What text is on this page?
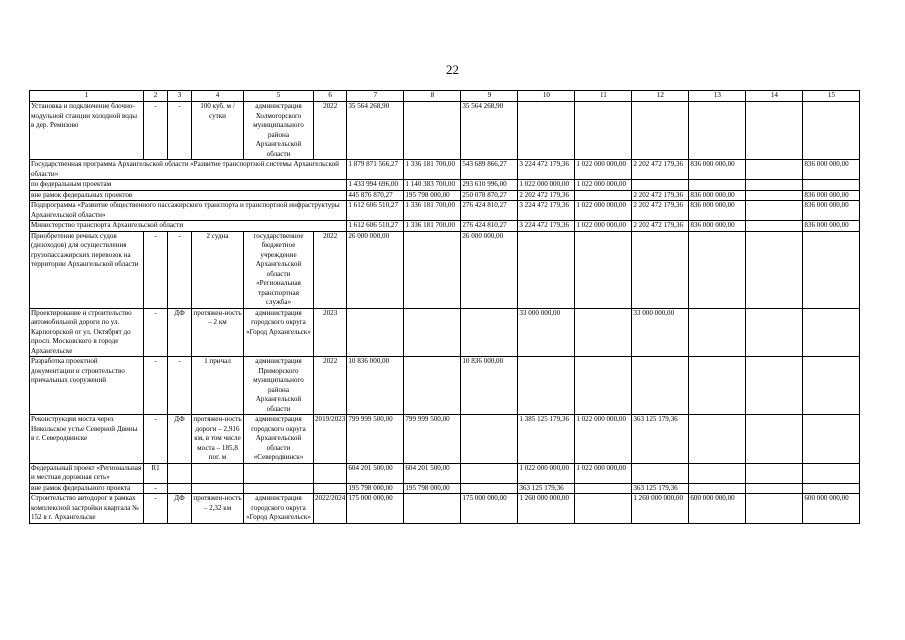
22
1	2	3	4	5	6	7	8	9	10	11	12	13	14	15
Установка и подключение блочно-модульной станции холодной воды в дер. Ремизово	-	-	100 куб. м /сутки	администрация Холмогорского муниципального района Архангельской области	2022	35 564 268,90		35 564 268,90						
Государственная программа Архангельской области «Развитие транспортной системы Архангельской области»						1 879 871 566,27	1 336 181 700,00	543 689 866,27	3 224 472 179,36	1 022 000 000,00	2 202 472 179,36	836 000 000,00		836 000 000,00
по федеральным проектам						1 433 994 696,00	1 140 383 700,00	293 610 996,00	1 022 000 000,00	1 022 000 000,00				
вне рамок федеральных проектов						445 876 870,27	195 798 000,00	250 078 870,27	2 202 472 179,36		2 202 472 179,36	836 000 000,00		836 000 000,00
Подпрограмма «Развитие общественного пассажирского транспорта и транспортной инфраструктуры Архангельской области»						1 612 606 510,27	1 336 181 700,00	276 424 810,27	3 224 472 179,36	1 022 000 000,00	2 202 472 179,36	836 000 000,00		836 000 000,00
Министерство транспорта Архангельской области						1 612 606 510,27	1 336 181 700,00	276 424 810,27	3 224 472 179,36	1 022 000 000,00	2 202 472 179,36	836 000 000,00		836 000 000,00
Приобретение речных судов (дизоходов) для осуществления грузопассажирских перевозок на территории Архангельской области	-	-	2 судна	государственное бюджетное учреждение Архангельской области «Региональная транспортная служба»	2022	26 000 000,00		26 000 000,00						
Проектирование и строительство автомобильной дороги по ул. Карпогорской от ул. Октябрят до просп. Московского в городе Архангельске	-	ДФ	протяжен-ность – 2 км	администрация городского округа «Город Архангельск»	2023				33 000 000,00		33 000 000,00			
Разработка проектной документации и строительство причальных сооружений	-	-	1 причал	администрация Приморского муниципального района Архангельской области	2022	10 836 000,00		10 836 000,00						
Реконструкция моста через Никольское устье Северной Двины в г. Северодвинске	-	ДФ	протяжен-ность дороги – 2,916 км, в том числе моста – 185,8 пог. м	администрация городского округа Архангельской области «Северодвинск»	2019/2023	799 999 500,00	799 999 500,00		1 385 125 179,36	1 022 000 000,00	363 125 179,36			
Федеральный проект «Региональная и местная дорожная сеть»	R1					604 201 500,00	604 201 500,00		1 022 000 000,00	1 022 000 000,00				
вне рамок федерального проекта	-					195 798 000,00	195 798 000,00		363 125 179,36		363 125 179,36			
Строительство автодорог в рамках комплексной застройки квартала № 152 в г. Архангельске	-	ДФ	протяжен-ность – 2,32 км	администрация городского округа «Город Архангельск»	2022/2024	175 000 000,00		175 000 000,00	1 260 000 000,00		1 260 000 000,00	600 000 000,00		600 000 000,00
